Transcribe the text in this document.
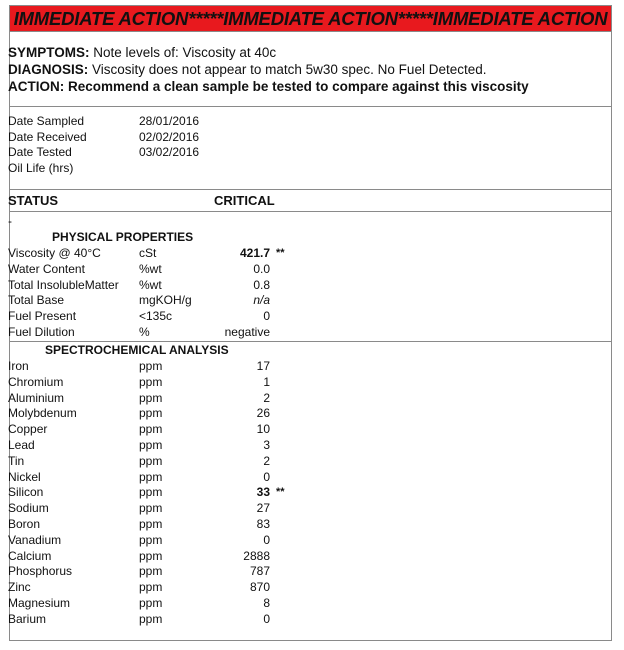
IMMEDIATE ACTION*****IMMEDIATE ACTION*****IMMEDIATE ACTION
SYMPTOMS: Note levels of: Viscosity at 40c
DIAGNOSIS: Viscosity does not appear to match 5w30 spec. No Fuel Detected.
ACTION: Recommend a clean sample be tested to compare against this viscosity
Date Sampled	28/01/2016
Date Received	02/02/2016
Date Tested	03/02/2016
Oil Life (hrs)
STATUS	CRITICAL
-
PHYSICAL PROPERTIES
Viscosity @ 40°C	cSt	421.7 **
Water Content	%wt	0.0
Total InsolubleMatter %wt	0.8
Total Base	mgKOH/g	n/a
Fuel Present	<135c	0
Fuel Dilution	%	negative
SPECTROCHEMICAL ANALYSIS
Iron	ppm	17
Chromium	ppm	1
Aluminium	ppm	2
Molybdenum	ppm	26
Copper	ppm	10
Lead	ppm	3
Tin	ppm	2
Nickel	ppm	0
Silicon	ppm	33 **
Sodium	ppm	27
Boron	ppm	83
Vanadium	ppm	0
Calcium	ppm	2888
Phosphorus	ppm	787
Zinc	ppm	870
Magnesium	ppm	8
Barium	ppm	0
